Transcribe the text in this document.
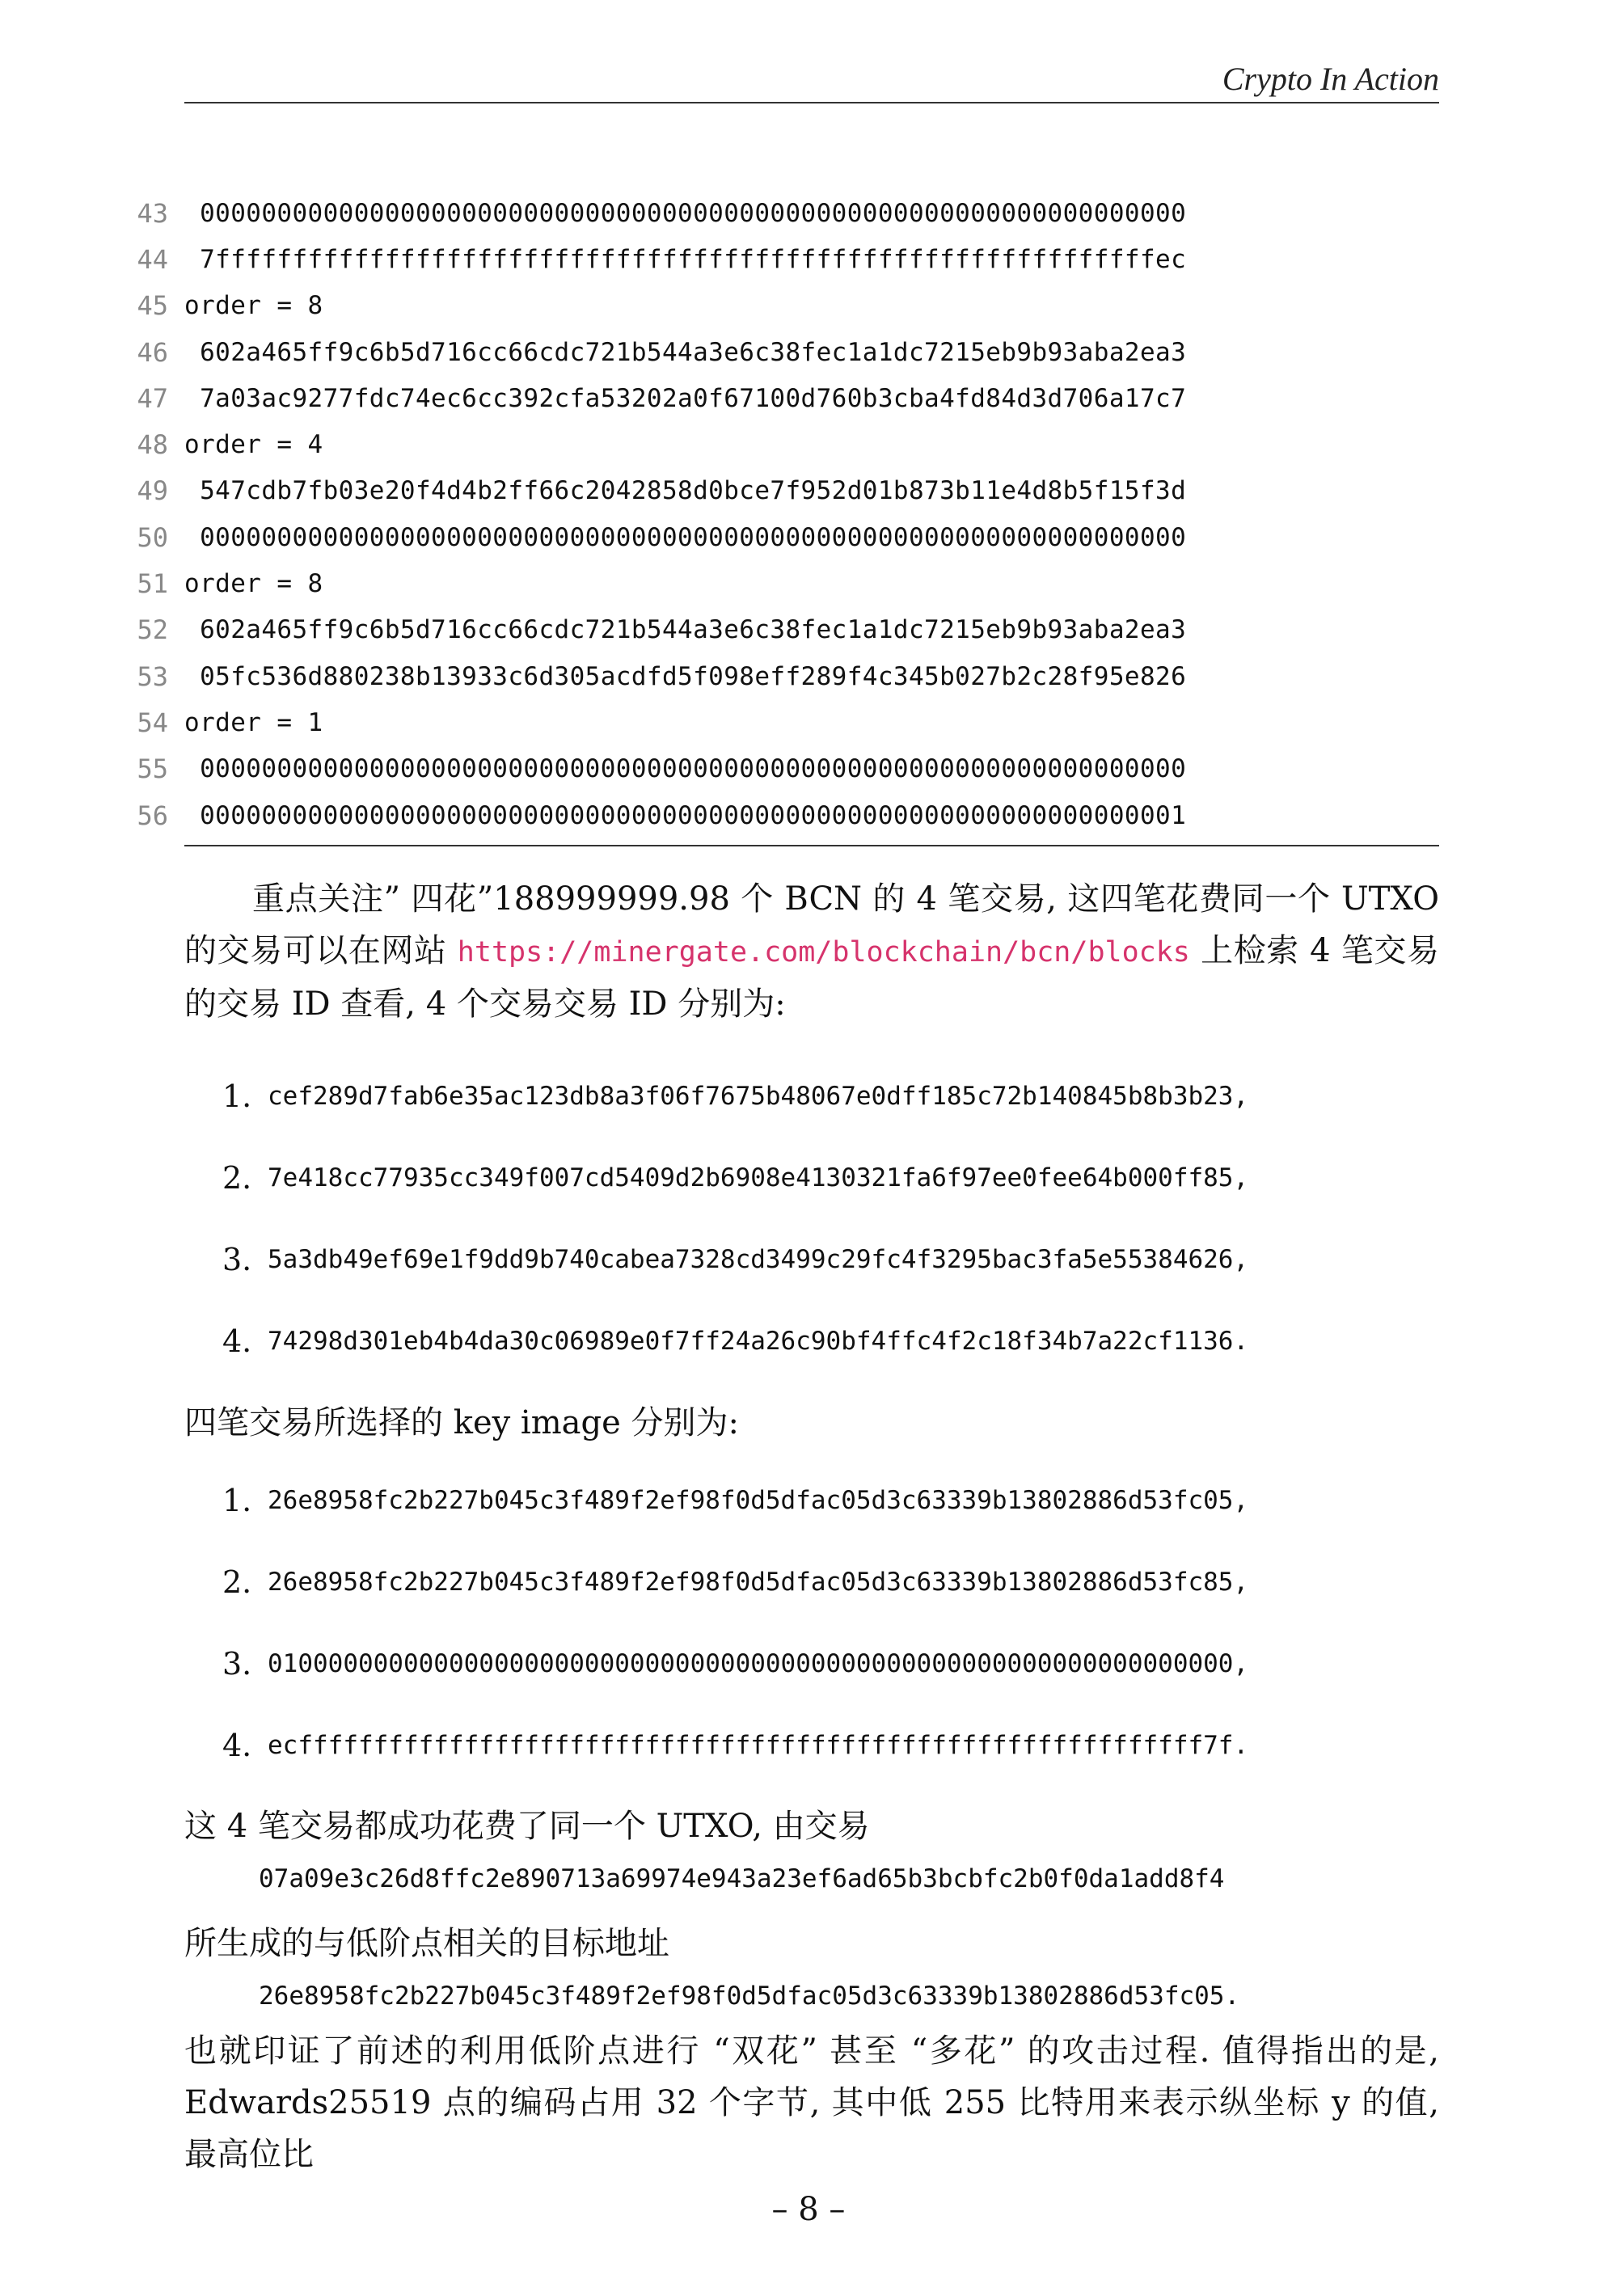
Crypto In Action
43 0000000000000000000000000000000000000000000000000000000000000000
44 7fffffffffffffffffffffffffffffffffffffffffffffffffffffffffffffec
45 order = 8
46 602a465ff9c6b5d716cc66cdc721b544a3e6c38fec1a1dc7215eb9b93aba2ea3
47 7a03ac9277fdc74ec6cc392cfa53202a0f67100d760b3cba4fd84d3d706a17c7
48 order = 4
49 547cdb7fb03e20f4d4b2ff66c2042858d0bce7f952d01b873b11e4d8b5f15f3d
50 0000000000000000000000000000000000000000000000000000000000000000
51 order = 8
52 602a465ff9c6b5d716cc66cdc721b544a3e6c38fec1a1dc7215eb9b93aba2ea3
53 05fc536d880238b13933c6d305acdfd5f098eff289f4c345b027b2c28f95e826
54 order = 1
55 0000000000000000000000000000000000000000000000000000000000000000
56 0000000000000000000000000000000000000000000000000000000000000001
重点关注” 四花”188999999.98 个 BCN 的 4 笔交易, 这四笔花费同一个 UTXO 的交易可以在网站 https://minergate.com/blockchain/bcn/blocks 上检索 4 笔交易的交易 ID 查看, 4 个交易交易 ID 分别为:
1. cef289d7fab6e35ac123db8a3f06f7675b48067e0dff185c72b140845b8b3b23,
2. 7e418cc77935cc349f007cd5409d2b6908e4130321fa6f97ee0fee64b000ff85,
3. 5a3db49ef69e1f9dd9b740cabea7328cd3499c29fc4f3295bac3fa5e55384626,
4. 74298d301eb4b4da30c06989e0f7ff24a26c90bf4ffc4f2c18f34b7a22cf1136.
四笔交易所选择的 key image 分别为:
1. 26e8958fc2b227b045c3f489f2ef98f0d5dfac05d3c63339b13802886d53fc05,
2. 26e8958fc2b227b045c3f489f2ef98f0d5dfac05d3c63339b13802886d53fc85,
3. 0100000000000000000000000000000000000000000000000000000000000000,
4. ecffffffffffffffffffffffffffffffffffffffffffffffffffffffffffff7f.
这 4 笔交易都成功花费了同一个 UTXO, 由交易
07a09e3c26d8ffc2e890713a69974e943a23ef6ad65b3bcbfc2b0f0da1add8f4
所生成的与低阶点相关的目标地址
26e8958fc2b227b045c3f489f2ef98f0d5dfac05d3c63339b13802886d53fc05.
也就印证了前述的利用低阶点进行 “双花” 甚至 “多花” 的攻击过程. 值得指出的是, Edwards25519 点的编码占用 32 个字节, 其中低 255 比特用来表示纵坐标 y 的值, 最高位比
– 8 –
